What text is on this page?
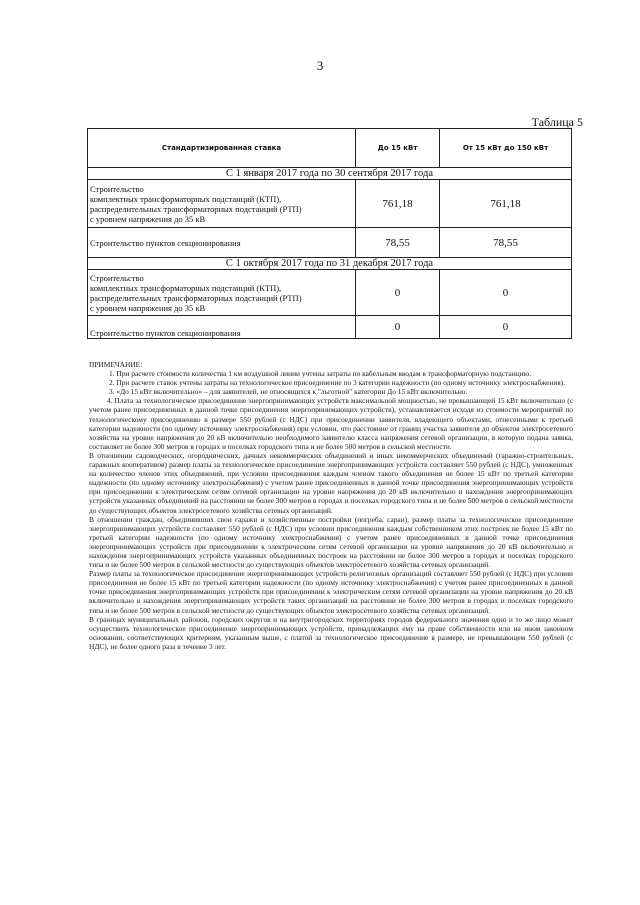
3
Таблица 5
Стандартизированная ставка	До 15 кВт	От 15 кВт до 150 кВт
С 1 января 2017 года по 30 сентября 2017 года		

Строительство
комплектных трансформаторных подстанций (КТП),
распределительных трансформаторных подстанций (РТП)
с уровнем напряжения до 35 кВ	761,18	761,18
Строительство пунктов секционирования	78,55	78,55
С 1 октября 2017 года по 31 декабря 2017 года		

Строительство
комплектных трансформаторных подстанций (КТП),
распределительных трансформаторных подстанций (РТП)
с уровнем напряжения до 35 кВ	0	0
Строительство пунктов секционирования	0	0

ПРИМЕЧАНИЕ:

1. При расчете стоимости количества 1 км воздушной линии учтены затраты по кабельным вводам в трансформаторную подстанцию.

2. При расчете ставок учтены затраты на технологическое присоединение по 3 категории надежности (по одному источнику электроснабжения).

3. «До 15 кВт включительно» – для заявителей, не относящихся к "льготной" категории До 15 кВт включительно.

4. Плата за технологическое присоединение энергопринимающих устройств максимальной мощностью, не превышающей 15 кВт включительно (с учетом ранее присоединенных в данной точке присоединения энергопринимающих устройств), устанавливается исходя из стоимости мероприятий по технологическому присоединению в размере 550 рублей (с НДС) при присоединении заявителя, владеющего объектами, отнесенными к третьей категории надежности (по одному источнику электроснабжения) при условии, что расстояние от границ участка заявителя до объектов электросетевого хозяйства на уровне напряжения до 20 кВ включительно необходимого заявителю класса напряжения сетевой организации, в которую подана заявка, составляет не более 300 метров в городах и поселках городского типа и не более 500 метров в сельской местности.

В отношении садоводческих, огороднических, дачных некоммерческих объединений и иных некоммерческих объединений (гаражно-строительных, гаражных кооперативов) размер платы за технологическое присоединение энергопринимающих устройств составляет 550 рублей (с НДС), умноженных на количество членов этих объединений, при условии присоединения каждым членом такого объединения не более 15 кВт по третьей категории надежности (по одному источнику электроснабжения) с учетом ранее присоединенных в данной точке присоединения энергопринимающих устройств при присоединении к электрическим сетям сетевой организации на уровне напряжения до 20 кВ включительно и нахождения энергопринимающих устройств указанных объединений на расстоянии не более 300 метров в городах и поселках городского типа и не более 500 метров в сельской местности до существующих объектов электросетевого хозяйства сетевых организаций.

В отношении граждан, объединивших свои гаражи и хозяйственные постройки (погреба, сараи), размер платы за технологическое присоединение энергопринимающих устройств составляет 550 рублей (с НДС) при условии присоединения каждым собственником этих построек не более 15 кВт по третьей категории надежности (по одному источнику электроснабжения) с учетом ранее присоединенных в данной точке присоединения энергопринимающих устройств при присоединении к электрическим сетям сетевой организации на уровне напряжения до 20 кВ включительно и нахождения энергопринимающих устройств указанных объединенных построек на расстоянии не более 300 метров в городах и поселках городского типа и не более 500 метров в сельской местности до существующих объектов электросетевого хозяйства сетевых организаций.

Размер платы за технологическое присоединение энергопринимающих устройств религиозных организаций составляет 550 рублей (с НДС) при условии присоединения не более 15 кВт по третьей категории надежности (по одному источнику электроснабжения) с учетом ранее присоединенных в данной точке присоединения энергопринимающих устройств при присоединении к электрическим сетям сетевой организации на уровне напряжения до 20 кВ включительно и нахождения энергопринимающих устройств таких организаций на расстоянии не более 300 метров в городах и поселках городского типа и не более 500 метров в сельской местности до существующих объектов электросетевого хозяйства сетевых организаций.

В границах муниципальных районов, городских округов и на внутригородских территориях городов федерального значения одно и то же лицо может осуществить технологическое присоединение энергопринимающих устройств, принадлежащих ему на праве собственности или на ином законном основании, соответствующих критериям, указанным выше, с платой за технологическое присоединение в размере, не превышающем 550 рублей (с НДС), не более одного раза в течение 3 лет.
